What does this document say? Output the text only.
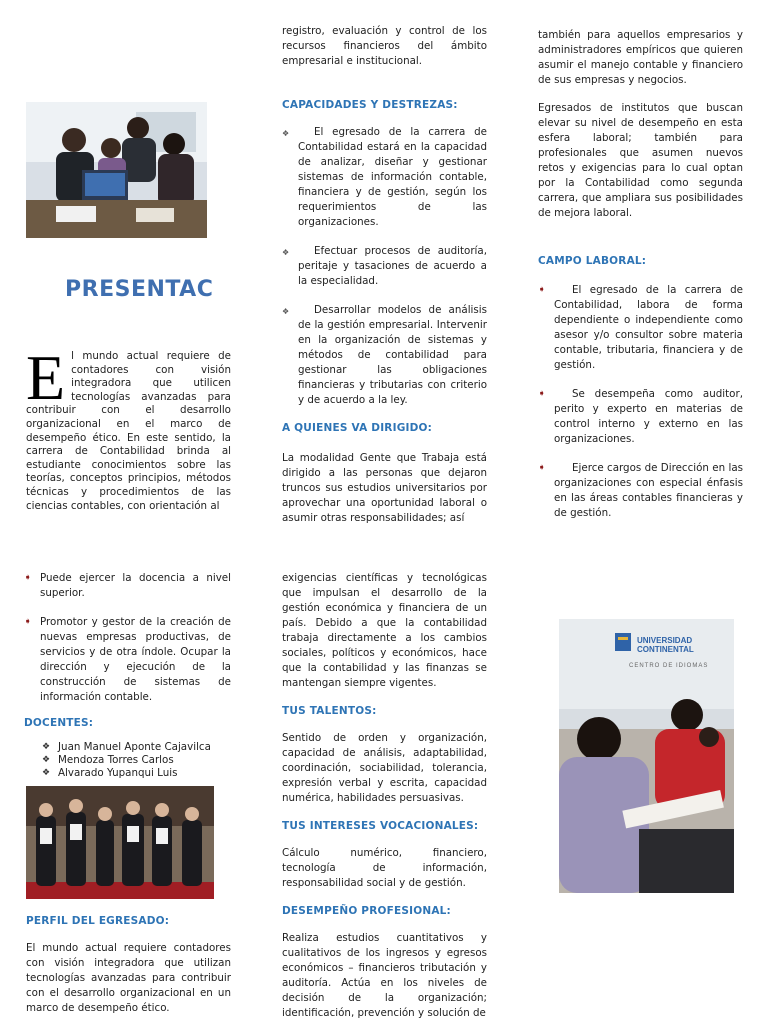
PRESENTAC

El mundo actual requiere de contadores con visión integradora que utilicen tecnologías avanzadas para contribuir con el desarrollo organizacional en el marco de desempeño ético. En este sentido, la carrera de Contabilidad brinda al estudiante conocimientos sobre las teorías, conceptos principios, métodos técnicas y procedimientos de las ciencias contables, con orientación al

registro, evaluación y control de los recursos financieros del ámbito empresarial e institucional.

CAPACIDADES Y DESTREZAS:

❖	El egresado de la carrera de Contabilidad estará en la capacidad de analizar, diseñar y gestionar sistemas de información contable, financiera y de gestión, según los requerimientos de las organizaciones.
❖	Efectuar procesos de auditoría, peritaje y tasaciones de acuerdo a la especialidad.
❖	Desarrollar modelos de análisis de la gestión empresarial. Intervenir en la organización de sistemas y métodos de contabilidad para gestionar las obligaciones financieras y tributarias con criterio y de acuerdo a la ley.

A QUIENES VA DIRIGIDO:

La modalidad Gente que Trabaja está dirigido a las personas que dejaron truncos sus estudios universitarios por aprovechar una oportunidad laboral o asumir otras responsabilidades; así

también para aquellos empresarios y administradores empíricos que quieren asumir el manejo contable y financiero de sus empresas y negocios.

Egresados de institutos que buscan elevar su nivel de desempeño en esta esfera laboral; también para profesionales que asumen nuevos retos y exigencias para lo cual optan por la Contabilidad como segunda carrera, que ampliara sus posibilidades de mejora laboral.

CAMPO LABORAL:

➧	El egresado de la carrera de Contabilidad, labora de forma dependiente o independiente como asesor y/o consultor sobre materia contable, tributaria, financiera y de gestión.
➧	Se desempeña como auditor, perito y experto en materias de control interno y externo en las organizaciones.
➧	Ejerce cargos de Dirección en las organizaciones con especial énfasis en las áreas contables financieras y de gestión.
➧ Puede ejercer la docencia a nivel superior.
➧ Promotor y gestor de la creación de nuevas empresas productivas, de servicios y de otra índole. Ocupar la dirección y ejecución de la construcción de sistemas de información contable.

DOCENTES:

❖ Juan Manuel Aponte Cajavilca
❖ Mendoza Torres Carlos
❖ Alvarado Yupanqui Luis

PERFIL DEL EGRESADO:

El mundo actual requiere contadores con visión integradora que utilizan tecnologías avanzadas para contribuir con el desarrollo organizacional en un marco de desempeño ético.

exigencias científicas y tecnológicas que impulsan el desarrollo de la gestión económica y financiera de un país. Debido a que la contabilidad trabaja directamente a los cambios sociales, políticos y económicos, hace que la contabilidad y las finanzas se mantengan siempre vigentes.

TUS TALENTOS:

Sentido de orden y organización, capacidad de análisis, adaptabilidad, coordinación, sociabilidad, tolerancia, expresión verbal y escrita, capacidad numérica, habilidades persuasivas.

TUS INTERESES VOCACIONALES:

Cálculo numérico, financiero, tecnología de información, responsabilidad social y de gestión.

DESEMPEÑO PROFESIONAL:

Realiza estudios cuantitativos y cualitativos de los ingresos y egresos económicos – financieros tributación y auditoría. Actúa en los niveles de decisión de la organización; identificación, prevención y solución de

UNIVERSIDAD
CONTINENTAL
CENTRO DE IDIOMAS
